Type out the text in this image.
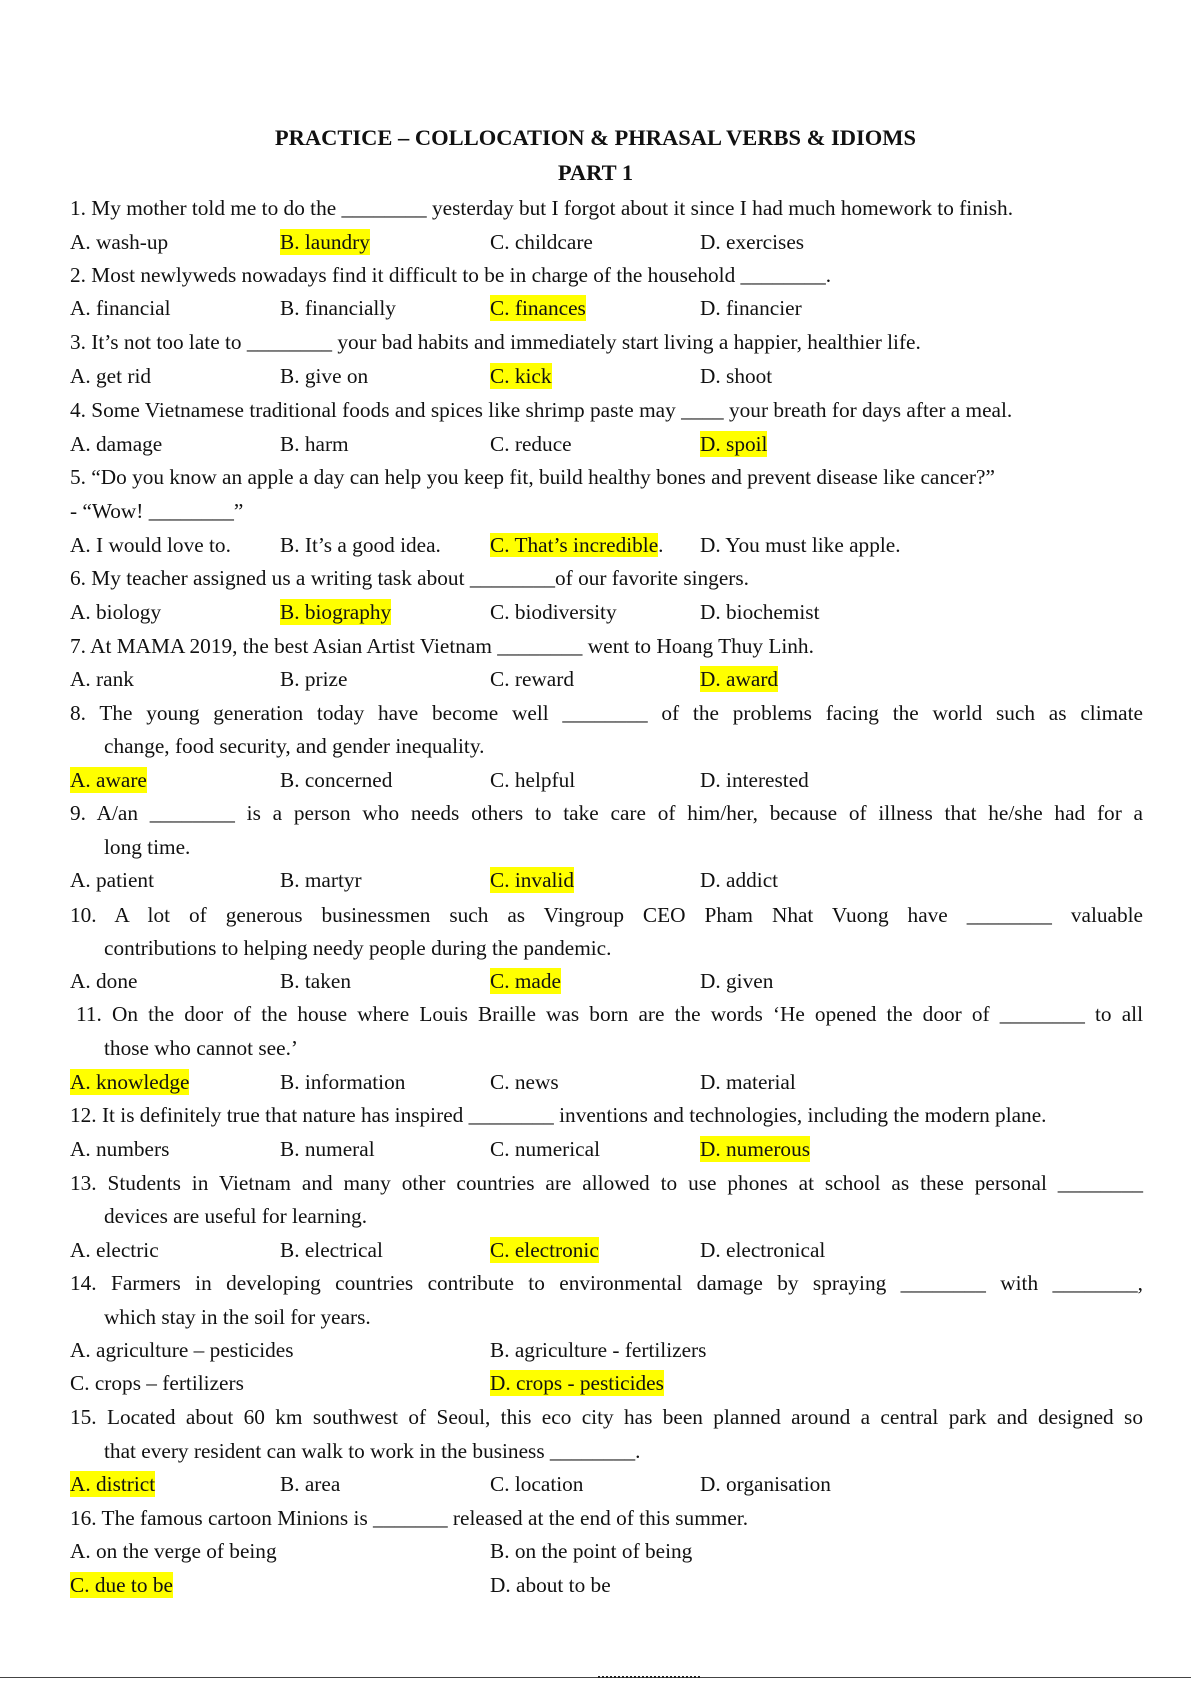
PRACTICE – COLLOCATION & PHRASAL VERBS & IDIOMS
PART 1
1. My mother told me to do the ________ yesterday but I forgot about it since I had much homework to finish.
A. wash-up	B. laundry	C. childcare	D. exercises
2. Most newlyweds nowadays find it difficult to be in charge of the household ________.
A. financial	B. financially	C. finances	D. financier
3. It’s not too late to ________ your bad habits and immediately start living a happier, healthier life.
A. get rid	B. give on	C. kick	D. shoot
4. Some Vietnamese traditional foods and spices like shrimp paste may ____ your breath for days after a meal.
A. damage	B. harm	C. reduce	D. spoil
5. “Do you know an apple a day can help you keep fit, build healthy bones and prevent disease like cancer?”
- “Wow! ________”
A. I would love to. B. It’s a good idea. C. That’s incredible. D. You must like apple.
6. My teacher assigned us a writing task about ________of our favorite singers.
A. biology	B. biography	C. biodiversity	D. biochemist
7. At MAMA 2019, the best Asian Artist Vietnam ________ went to Hoang Thuy Linh.
A. rank	B. prize	C. reward	D. award
8. The young generation today have become well ________ of the problems facing the world such as climate
change, food security, and gender inequality.
A. aware	B. concerned	C. helpful	D. interested
9. A/an ________ is a person who needs others to take care of him/her, because of illness that he/she had for a
long time.
A. patient	B. martyr	C. invalid	D. addict
10. A lot of generous businessmen such as Vingroup CEO Pham Nhat Vuong have ________ valuable
contributions to helping needy people during the pandemic.
A. done	B. taken	C. made	D. given
11. On the door of the house where Louis Braille was born are the words ‘He opened the door of ________ to all
those who cannot see.’
A. knowledge	B. information	C. news	D. material
12. It is definitely true that nature has inspired ________ inventions and technologies, including the modern plane.
A. numbers	B. numeral	C. numerical	D. numerous
13. Students in Vietnam and many other countries are allowed to use phones at school as these personal ________
devices are useful for learning.
A. electric	B. electrical	C. electronic	D. electronical
14. Farmers in developing countries contribute to environmental damage by spraying ________ with ________,
which stay in the soil for years.
A. agriculture – pesticides	B. agriculture - fertilizers
C. crops – fertilizers	D. crops - pesticides
15. Located about 60 km southwest of Seoul, this eco city has been planned around a central park and designed so
that every resident can walk to work in the business ________.
A. district	B. area	C. location	D. organisation
16. The famous cartoon Minions is _______ released at the end of this summer.
A. on the verge of being	B. on the point of being
C. due to be	D. about to be
